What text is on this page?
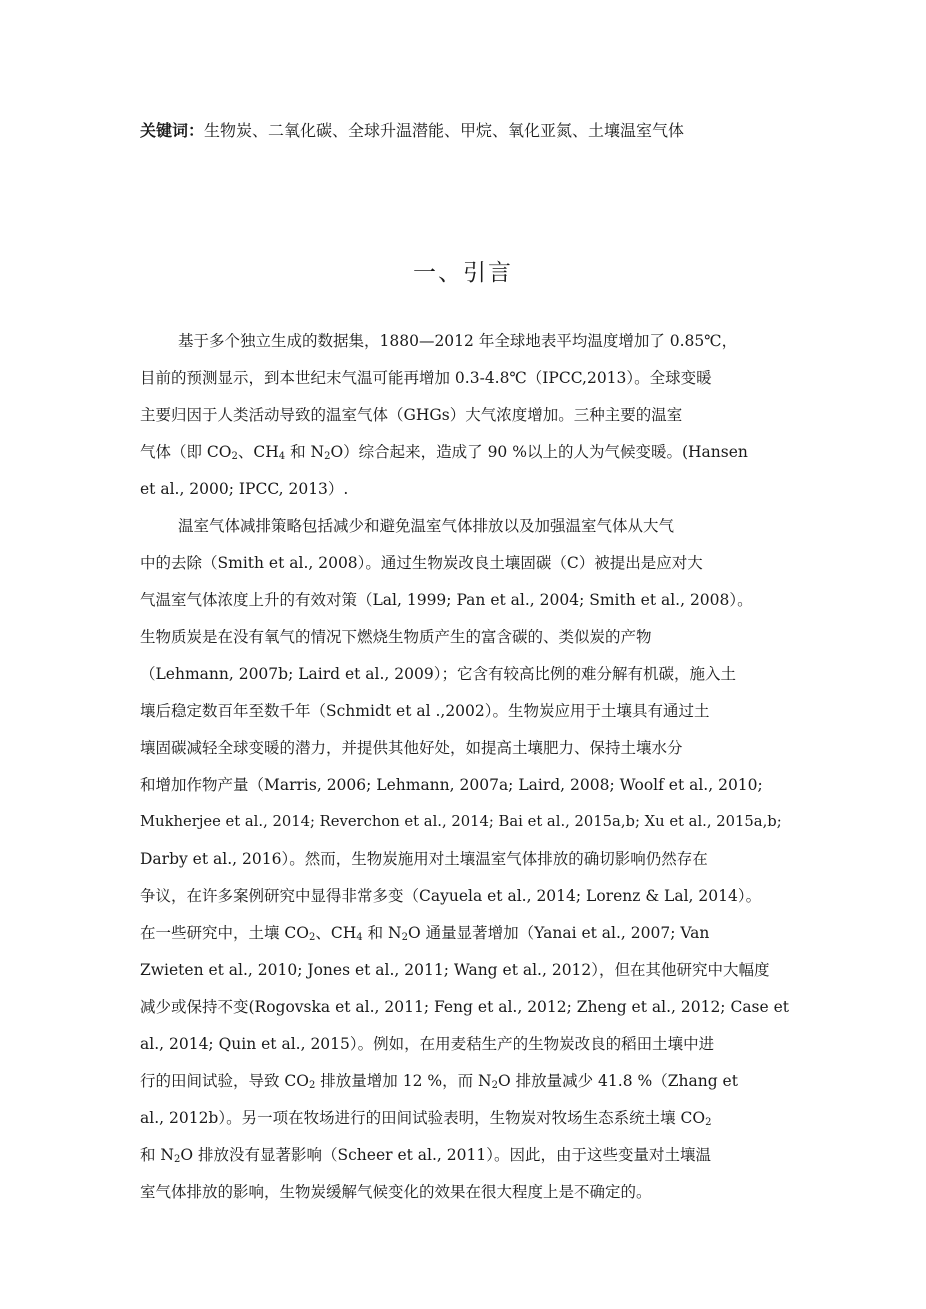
关键词：生物炭、二氧化碳、全球升温潜能、甲烷、氧化亚氮、土壤温室气体
一、引言
基于多个独立生成的数据集，1880—2012 年全球地表平均温度增加了 0.85℃，
目前的预测显示，到本世纪末气温可能再增加 0.3-4.8℃（IPCC,2013）。全球变暖
主要归因于人类活动导致的温室气体（GHGs）大气浓度增加。三种主要的温室
气体（即 $CO_2$、$CH_4$ 和 $N_2O$）综合起来，造成了 90 %以上的人为气候变暖。(Hansen
et al., 2000; IPCC, 2013）.
温室气体减排策略包括减少和避免温室气体排放以及加强温室气体从大气
中的去除（Smith et al., 2008）。通过生物炭改良土壤固碳（C）被提出是应对大
气温室气体浓度上升的有效对策（Lal, 1999; Pan et al., 2004; Smith et al., 2008）。
生物质炭是在没有氧气的情况下燃烧生物质产生的富含碳的、类似炭的产物
（Lehmann, 2007b; Laird et al., 2009）；它含有较高比例的难分解有机碳，施入土
壤后稳定数百年至数千年（Schmidt et al .,2002）。生物炭应用于土壤具有通过土
壤固碳减轻全球变暖的潜力，并提供其他好处，如提高土壤肥力、保持土壤水分
和增加作物产量（Marris, 2006; Lehmann, 2007a; Laird, 2008; Woolf et al., 2010;
Mukherjee et al., 2014; Reverchon et al., 2014; Bai et al., 2015a,b; Xu et al., 2015a,b;
Darby et al., 2016）。然而，生物炭施用对土壤温室气体排放的确切影响仍然存在
争议，在许多案例研究中显得非常多变（Cayuela et al., 2014; Lorenz & Lal, 2014）。
在一些研究中，土壤 $CO_2$、$CH_4$ 和 $N_2O$ 通量显著增加（Yanai et al., 2007; Van
Zwieten et al., 2010; Jones et al., 2011; Wang et al., 2012），但在其他研究中大幅度
减少或保持不变(Rogovska et al., 2011; Feng et al., 2012; Zheng et al., 2012; Case et
al., 2014; Quin et al., 2015）。例如，在用麦秸生产的生物炭改良的稻田土壤中进
行的田间试验，导致 $CO_2$ 排放量增加 12 %，而 $N_2O$ 排放量减少 41.8 %（Zhang et
al., 2012b）。另一项在牧场进行的田间试验表明，生物炭对牧场生态系统土壤 $CO_2$
和 $N_2O$ 排放没有显著影响（Scheer et al., 2011）。因此，由于这些变量对土壤温
室气体排放的影响，生物炭缓解气候变化的效果在很大程度上是不确定的。
